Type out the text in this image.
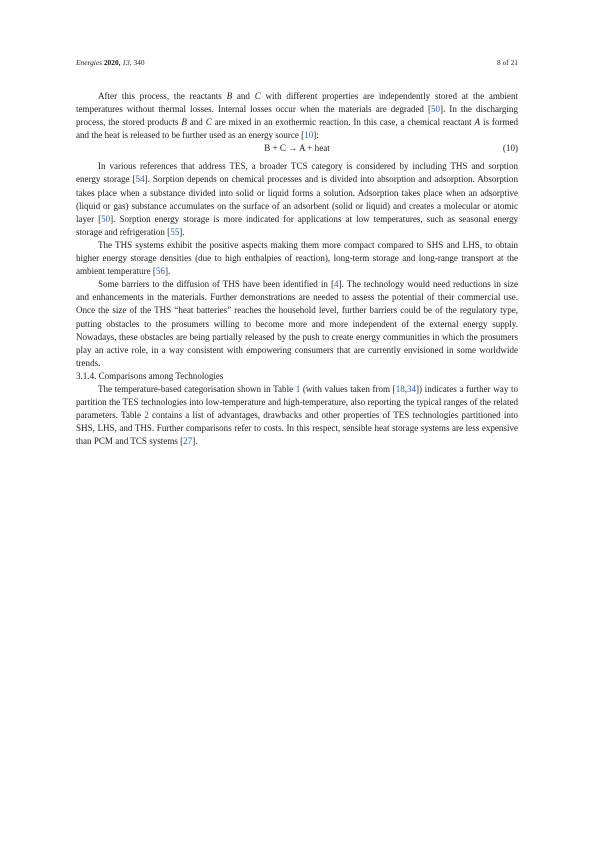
Energies 2020, 13, 340	8 of 21

After this process, the reactants B and C with different properties are independently stored at the ambient temperatures without thermal losses. Internal losses occur when the materials are degraded [50]. In the discharging process, the stored products B and C are mixed in an exothermic reaction. In this case, a chemical reactant A is formed and the heat is released to be further used as an energy source [10]:

B + C → A + heat	(10)

In various references that address TES, a broader TCS category is considered by including THS and sorption energy storage [54]. Sorption depends on chemical processes and is divided into absorption and adsorption. Absorption takes place when a substance divided into solid or liquid forms a solution. Adsorption takes place when an adsorptive (liquid or gas) substance accumulates on the surface of an adsorbent (solid or liquid) and creates a molecular or atomic layer [50]. Sorption energy storage is more indicated for applications at low temperatures, such as seasonal energy storage and refrigeration [55].

The THS systems exhibit the positive aspects making them more compact compared to SHS and LHS, to obtain higher energy storage densities (due to high enthalpies of reaction), long-term storage and long-range transport at the ambient temperature [56].

Some barriers to the diffusion of THS have been identified in [4]. The technology would need reductions in size and enhancements in the materials. Further demonstrations are needed to assess the potential of their commercial use. Once the size of the THS “heat batteries” reaches the household level, further barriers could be of the regulatory type, putting obstacles to the prosumers willing to become more and more independent of the external energy supply. Nowadays, these obstacles are being partially released by the push to create energy communities in which the prosumers play an active role, in a way consistent with empowering consumers that are currently envisioned in some worldwide trends.

3.1.4. Comparisons among Technologies

The temperature-based categorisation shown in Table 1 (with values taken from [18,34]) indicates a further way to partition the TES technologies into low-temperature and high-temperature, also reporting the typical ranges of the related parameters. Table 2 contains a list of advantages, drawbacks and other properties of TES technologies partitioned into SHS, LHS, and THS. Further comparisons refer to costs. In this respect, sensible heat storage systems are less expensive than PCM and TCS systems [27].
